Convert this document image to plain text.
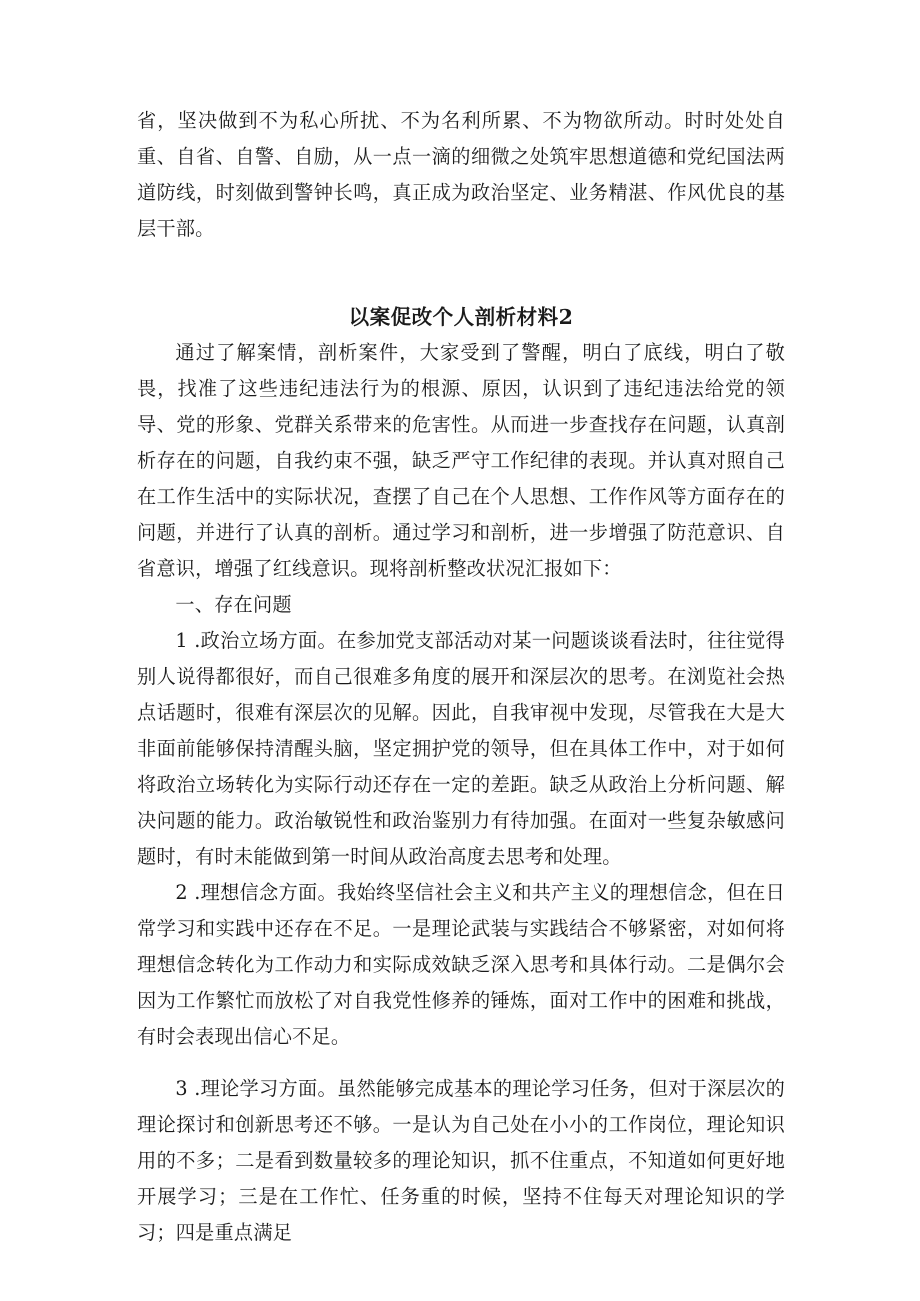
省，坚决做到不为私心所扰、不为名利所累、不为物欲所动。时时处处自重、自省、自警、自励，从一点一滴的细微之处筑牢思想道德和党纪国法两道防线，时刻做到警钟长鸣，真正成为政治坚定、业务精湛、作风优良的基层干部。

以案促改个人剖析材料2

通过了解案情，剖析案件，大家受到了警醒，明白了底线，明白了敬畏，找准了这些违纪违法行为的根源、原因，认识到了违纪违法给党的领导、党的形象、党群关系带来的危害性。从而进一步查找存在问题，认真剖析存在的问题，自我约束不强，缺乏严守工作纪律的表现。并认真对照自己在工作生活中的实际状况，查摆了自己在个人思想、工作作风等方面存在的问题，并进行了认真的剖析。通过学习和剖析，进一步增强了防范意识、自省意识，增强了红线意识。现将剖析整改状况汇报如下：

一、存在问题

1 .政治立场方面。在参加党支部活动对某一问题谈谈看法时，往往觉得别人说得都很好，而自己很难多角度的展开和深层次的思考。在浏览社会热点话题时，很难有深层次的见解。因此，自我审视中发现，尽管我在大是大非面前能够保持清醒头脑，坚定拥护党的领导，但在具体工作中，对于如何将政治立场转化为实际行动还存在一定的差距。缺乏从政治上分析问题、解决问题的能力。政治敏锐性和政治鉴别力有待加强。在面对一些复杂敏感问题时，有时未能做到第一时间从政治高度去思考和处理。

2 .理想信念方面。我始终坚信社会主义和共产主义的理想信念，但在日常学习和实践中还存在不足。一是理论武装与实践结合不够紧密，对如何将理想信念转化为工作动力和实际成效缺乏深入思考和具体行动。二是偶尔会因为工作繁忙而放松了对自我党性修养的锤炼，面对工作中的困难和挑战，有时会表现出信心不足。

3 .理论学习方面。虽然能够完成基本的理论学习任务，但对于深层次的理论探讨和创新思考还不够。一是认为自己处在小小的工作岗位，理论知识用的不多；二是看到数量较多的理论知识，抓不住重点，不知道如何更好地开展学习；三是在工作忙、任务重的时候，坚持不住每天对理论知识的学习；四是重点满足
